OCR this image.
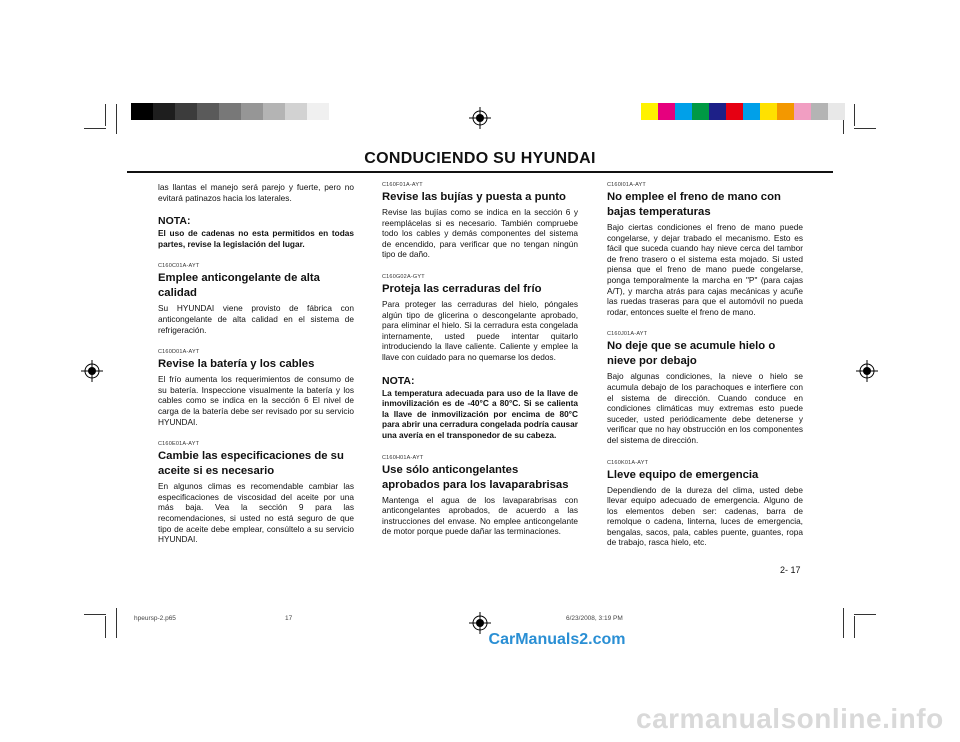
CONDUCIENDO SU HYUNDAI

las llantas el manejo será parejo y fuerte, pero no evitará patinazos hacia los laterales.

NOTA:

El uso de cadenas no esta permitidos en todas partes, revise la legislación del lugar.

C160C01A-AYT
Emplee anticongelante de alta calidad

Su HYUNDAI viene provisto de fábrica con anticongelante de alta calidad en el sistema de refrigeración.

C160D01A-AYT
Revise la batería y los cables

El frío aumenta los requerimientos de consumo de su batería. Inspeccione visualmente la batería y los cables como se indica en la sección 6 El nivel de carga de la batería debe ser revisado por su servicio HYUNDAI.

C160E01A-AYT
Cambie las especificaciones de su aceite si es necesario

En algunos climas es recomendable cambiar las especificaciones de viscosidad del aceite por una más baja. Vea la sección 9 para las recomendaciones, si usted no está seguro de que tipo de aceite debe emplear, consúltelo a su servicio HYUNDAI.

C160F01A-AYT
Revise las bujías y puesta a punto

Revise las bujías como se indica en la sección 6 y reemplácelas si es necesario. También compruebe todo los cables y demás componentes del sistema de encendido, para verificar que no tengan ningún tipo de daño.

C160G02A-GYT
Proteja las cerraduras del frío

Para proteger las cerraduras del hielo, póngales algún tipo de glicerina o descongelante aprobado, para eliminar el hielo. Si la cerradura esta congelada internamente, usted puede intentar quitarlo introduciendo la llave caliente. Caliente y emplee la llave con cuidado para no quemarse los dedos.

NOTA:

La temperatura adecuada para uso de la llave de inmovilización es de -40°C a 80°C. Si se calienta la llave de inmovilización por encima de 80°C para abrir una cerradura congelada podría causar una avería en el transponedor de su cabeza.

C160H01A-AYT
Use sólo anticongelantes aprobados para los lavaparabrisas

Mantenga el agua de los lavaparabrisas con anticongelantes aprobados, de acuerdo a las instrucciones del envase. No emplee anticongelante de motor porque puede dañar las terminaciones.

C160I01A-AYT
No emplee el freno de mano con bajas temperaturas

Bajo ciertas condiciones el freno de mano puede congelarse, y dejar trabado el mecanismo. Esto es fácil que suceda cuando hay nieve cerca del tambor de freno trasero o el sistema esta mojado. Si usted piensa que el freno de mano puede congelarse, ponga temporalmente la marcha en "P" (para cajas A/T), y marcha atrás para cajas mecánicas y acuñe las ruedas traseras para que el automóvil no pueda rodar, entonces suelte el freno de mano.

C160J01A-AYT
No deje que se acumule hielo o nieve por debajo

Bajo algunas condiciones, la nieve o hielo se acumula debajo de los parachoques e interfiere con el sistema de dirección. Cuando conduce en condiciones climáticas muy extremas esto puede suceder, usted periódicamente debe detenerse y verificar que no hay obstrucción en los componentes del sistema de dirección.

C160K01A-AYT
Lleve equipo de emergencia

Dependiendo de la dureza del clima, usted debe llevar equipo adecuado de emergencia. Alguno de los elementos deben ser: cadenas, barra de remolque o cadena, linterna, luces de emergencia, bengalas, sacos, pala, cables puente, guantes, ropa de trabajo, rasca hielo, etc.

2- 17
hpeursp-2.p65	17	6/23/2008, 3:19 PM
CarManuals2.com
carmanualsonline.info
